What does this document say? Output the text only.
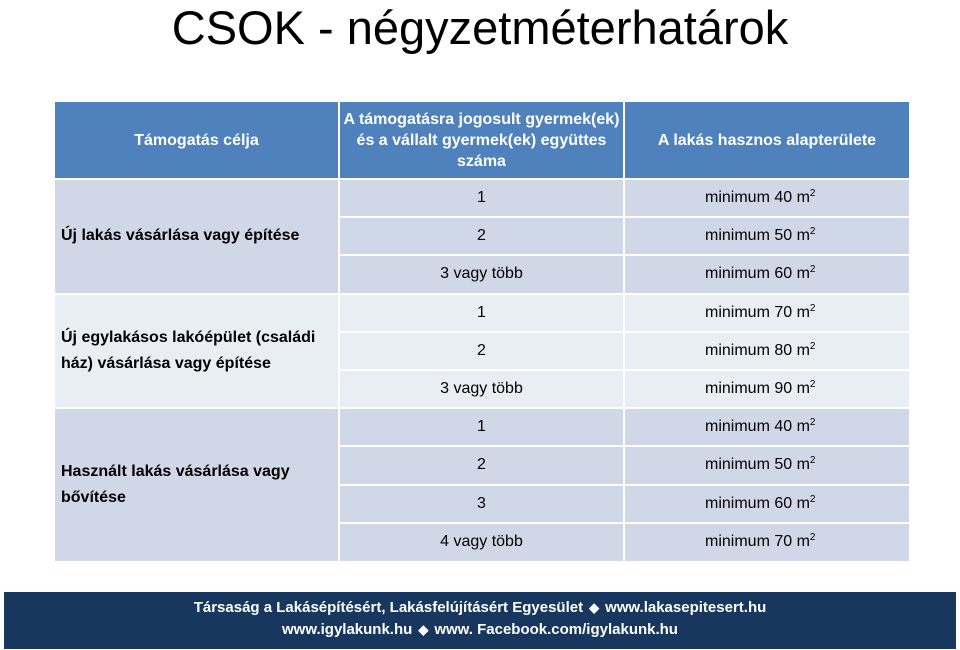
CSOK - négyzetméterhatárok
Támogatás célja	A támogatásra jogosult gyermek(ek) és a vállalt gyermek(ek) együttes száma	A lakás hasznos alapterülete
Új lakás vásárlása vagy építése	1	minimum 40 $m^2$
	2	minimum 50 $m^2$
	3 vagy több	minimum 60 $m^2$
Új egylakásos lakóépület (családi ház) vásárlása vagy építése	1	minimum 70 $m^2$
	2	minimum 80 $m^2$
	3 vagy több	minimum 90 $m^2$
Használt lakás vásárlása vagy bővítése	1	minimum 40 $m^2$
	2	minimum 50 $m^2$
	3	minimum 60 $m^2$
	4 vagy több	minimum 70 $m^2$
Társaság a Lakásépítésért, Lakásfelújításért Egyesület ◆ www.lakasepitesert.hu
www.igylakunk.hu ◆ www. Facebook.com/igylakunk.hu
